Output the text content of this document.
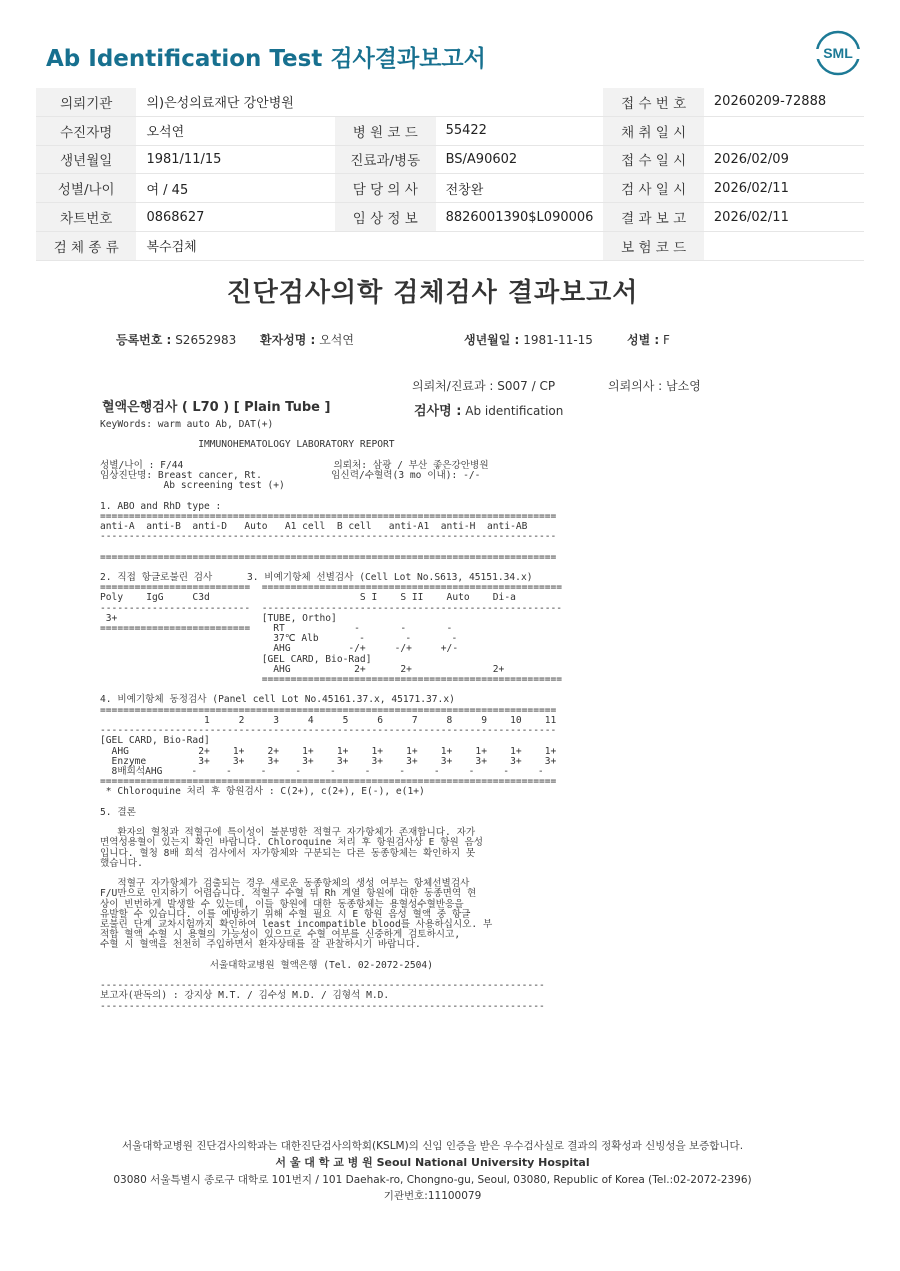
Ab Identification Test 검사결과보고서	SML
의뢰기관	의)은성의료재단 강안병원			접 수 번 호	20260209-72888
수진자명	오석연	병 원 코 드	55422	채 취 일 시	
생년월일	1981/11/15	진료과/병동	BS/A90602	접 수 일 시	2026/02/09
성별/나이	여 / 45	담 당 의 사	전창완	검 사 일 시	2026/02/11
차트번호	0868627	임 상 정 보	8826001390$L090006	결 과 보 고	2026/02/11
검 체 종 류	복수검체			보 험 코 드	
진단검사의학 검체검사 결과보고서
등록번호 : S2652983 환자성명 : 오석연	생년월일 : 1981-11-15	성별 : F
의뢰처/진료과 : S007 / CP	의뢰의사 : 남소영
혈액은행검사 ( L70 ) [ Plain Tube ]	검사명 : Ab identification
KeyWords: warm auto Ab, DAT(+)

IMMUNOHEMATOLOGY LABORATORY REPORT

성별/나이 : F/44                          의뢰처: 삼광 / 부산 좋은강안병원
임상진단명: Breast cancer, Rt.            임신력/수혈력(3 mo 이내): -/-
Ab screening test (+)

1. ABO and RhD type :
===============================================================================
anti-A  anti-B  anti-D   Auto   A1 cell  B cell   anti-A1  anti-H  anti-AB
-------------------------------------------------------------------------------

===============================================================================

2. 직접 항글로불린 검사      3. 비예기항체 선별검사 (Cell Lot No.S613, 45151.34.x)
==========================  ====================================================
Poly    IgG     C3d                          S I    S II    Auto    Di-a
--------------------------  ----------------------------------------------------
3+                         [TUBE, Ortho]
==========================    RT            -       -       -
37℃ Alb       -       -       -
AHG          -/+     -/+     +/-
[GEL CARD, Bio-Rad]
AHG           2+      2+              2+
====================================================

4. 비예기항체 동정검사 (Panel cell Lot No.45161.37.x, 45171.37.x)
===============================================================================
1     2     3     4     5     6     7     8     9    10    11
-------------------------------------------------------------------------------
[GEL CARD, Bio-Rad]
AHG            2+    1+    2+    1+    1+    1+    1+    1+    1+    1+    1+
Enzyme         3+    3+    3+    3+    3+    3+    3+    3+    3+    3+    3+
8배희석AHG     -     -     -     -     -     -     -     -     -     -     -
===============================================================================
* Chloroquine 처리 후 항원검사 : C(2+), c(2+), E(-), e(1+)

5. 결론

환자의 혈청과 적혈구에 특이성이 불분명한 적혈구 자가항체가 존재합니다. 자가
면역성용혈이 있는지 확인 바랍니다. Chloroquine 처리 후 항원검사상 E 항원 음성
입니다. 혈청 8배 희석 검사에서 자가항체와 구분되는 다른 동종항체는 확인하지 못
했습니다.

적혈구 자가항체가 검출되는 경우 새로운 동종항체의 생성 여부는 항체선별검사
F/U만으로 인지하기 어렵습니다. 적혈구 수혈 뒤 Rh 계열 항원에 대한 동종면역 현
상이 빈번하게 발생할 수 있는데, 이들 항원에 대한 동종항체는 용혈성수혈반응을
유발할 수 있습니다. 이를 예방하기 위해 수혈 필요 시 E 항원 음성 혈액 중 항글
로불린 단계 교차시험까지 확인하여 least incompatible blood를 사용하십시오. 부
적합 혈액 수혈 시 용혈의 가능성이 있으므로 수혈 여부를 신중하게 검토하시고,
수혈 시 혈액을 천천히 주입하면서 환자상태를 잘 관찰하시기 바랍니다.

서울대학교병원 혈액은행 (Tel. 02-2072-2504)

-----------------------------------------------------------------------------
보고자(판독의) : 강지상 M.T. / 김수성 M.D. / 김형석 M.D.
-----------------------------------------------------------------------------
서울대학교병원 진단검사의학과는 대한진단검사의학회(KSLM)의 신임 인증을 받은 우수검사실로 결과의 정확성과 신빙성을 보증합니다.
서 울 대 학 교 병 원 Seoul National University Hospital
03080 서울특별시 종로구 대학로 101번지 / 101 Daehak-ro, Chongno-gu, Seoul, 03080, Republic of Korea (Tel.:02-2072-2396)
기관번호:11100079
